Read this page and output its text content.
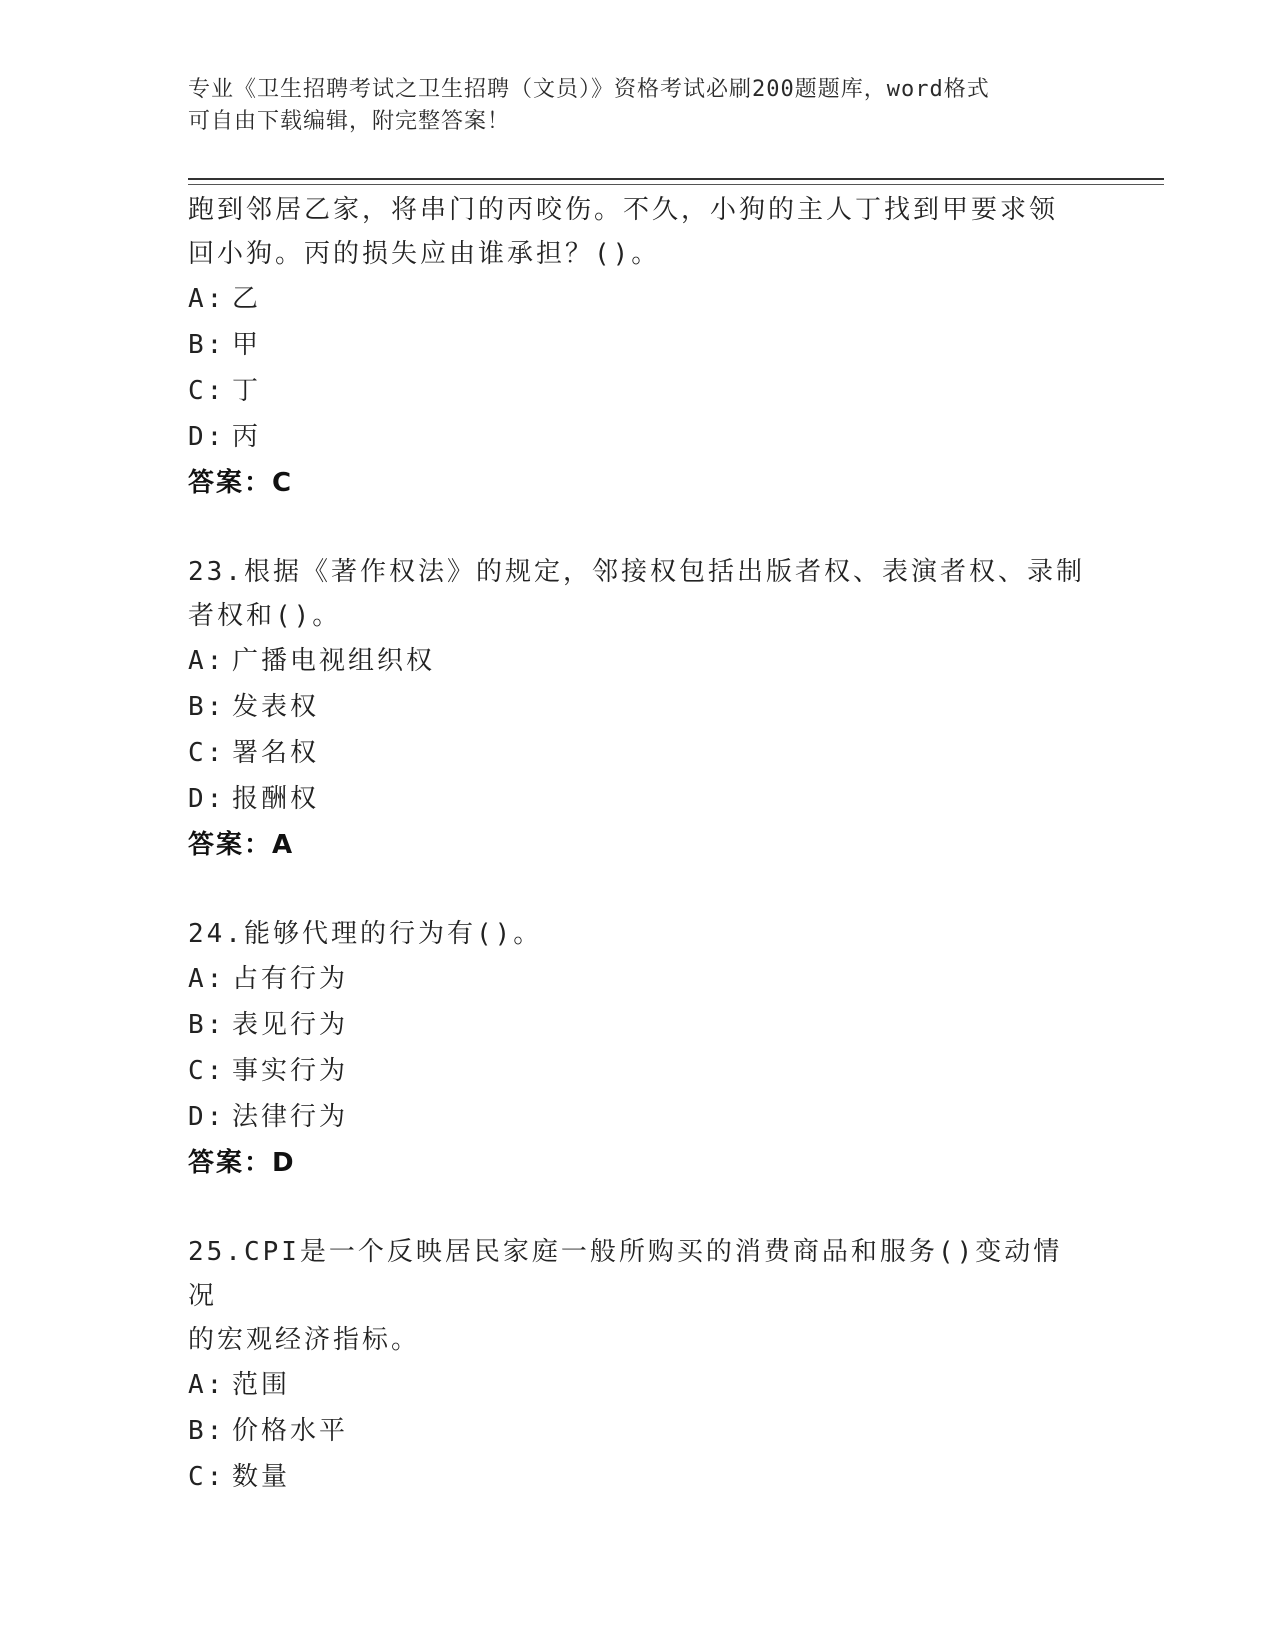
专业《卫生招聘考试之卫生招聘（文员）》资格考试必刷200题题库，word格式
可自由下载编辑，附完整答案！
跑到邻居乙家，将串门的丙咬伤。不久，小狗的主人丁找到甲要求领
回小狗。丙的损失应由谁承担？()。
A: 乙
B: 甲
C: 丁
D: 丙
答案：C
23.根据《著作权法》的规定，邻接权包括出版者权、表演者权、录制
者权和()。
A: 广播电视组织权
B: 发表权
C: 署名权
D: 报酬权
答案：A
24.能够代理的行为有()。
A: 占有行为
B: 表见行为
C: 事实行为
D: 法律行为
答案：D
25.CPI是一个反映居民家庭一般所购买的消费商品和服务()变动情况
的宏观经济指标。
A: 范围
B: 价格水平
C: 数量
